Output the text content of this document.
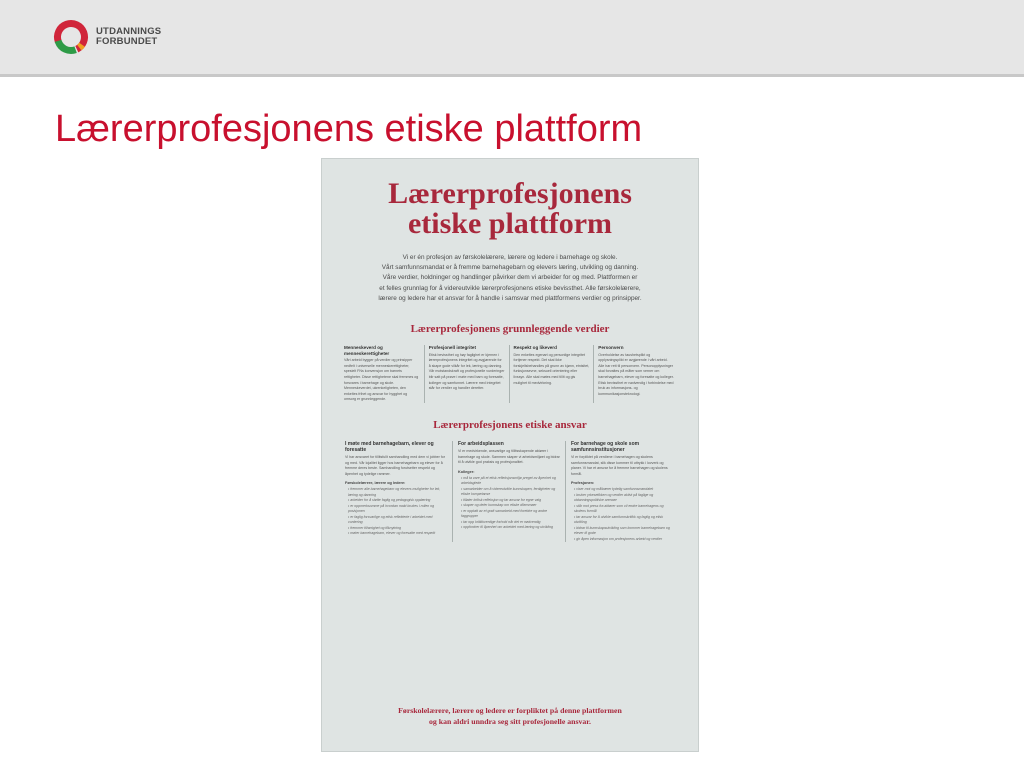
UTDANNINGS
FORBUNDET
Lærerprofesjonens etiske plattform
Lærerprofesjonens
etiske plattform
Vi er én profesjon av førskolelærere, lærere og ledere i barnehage og skole.
Vårt samfunnsmandat er å fremme barnehagebarn og elevers læring, utvikling og danning.
Våre verdier, holdninger og handlinger påvirker dem vi arbeider for og med. Plattformen er
et felles grunnlag for å videreutvikle lærerprofesjonens etiske bevissthet. Alle førskolelærere,
lærere og ledere har et ansvar for å handle i samsvar med plattformens verdier og prinsipper.
Lærerprofesjonens grunnleggende verdier
Menneskeverd og menneskerettigheter
Vårt arbeid bygger på verdier og prinsipper nedfelt i universelle menneskerettigheter, spesielt FNs konvensjon om barnets rettigheter. Disse rettighetene skal fremmes og forsvares i barnehage og skole. Menneskeverdet, ukrenkeligheten, den enkeltes frihet og ansvar for hygghet og omsorg er grunnleggende.
Profesjonell integritet
Etisk bevissthet og høy faglighet er kjernen i lærerprofesjonens integritet og avgjørende for å skape gode vilkår for lek, læring og danning. Vår motstandskraft og profesjonelle vurderinger blir satt på prøve i møte med barn og foresatte, kolleger og samfunnet. Lærere med integritet står for verdier og handler deretter.
Respekt og likeverd
Den enkeltes egenart og personlige integritet fortjener respekt. Det skal ikke forskjellsbehandles på grunn av kjønn, etnisitet, funksjonsevne, seksuell orientering eller livssyn. Alle skal møtes med tillit og gis mulighet til medvirkning.
Personvern
Overholdelse av taushetsplikt og opplysningsplikt er avgjørende i vårt arbeid. Alle har rett til personvern. Personopplysninger skal forvaltes på måter som verner om barnehagebarn, elever og foresatte og kolleger. Etisk bevissthet er nødvendig i forbindelse med bruk av informasjons- og kommunikasjonsteknologi.
Lærerprofesjonens etiske ansvar
I møte med barnehagebarn, elever og foresatte
Vi har ansvaret for tillitsfullt samhandling med dem vi jobber for og med. Vår lojalitet ligger hos barnehagebarn og elever for å fremme deres beste. Samhandling forutsetter respekt og åpenhet og tydelige rammer.
Førskolelærere, lærere og ledere:
• fremmer alle barnehagebarn og elevers muligheter for lek, læring og danning
• arbeider for å støtte faglig og pedagogisk opplæring
• er oppmerksomme på hvordan makt brukes i rollen og posisjonen
• er faglig forsvarlige og etisk reflekterte i arbeidet med vurdering
• fremmer tilhørighet og tilknytning
• møter barnehagebarn, elever og foresatte med respekt
For arbeidsplassen
Vi er medvirkende, ansvarlige og tillitsskapende aktører i barnehage og skole. Sammen skaper vi arbeidsmiljøet og bidrar til å utvikle god praksis og profesjonalitet.
Kolleger:
• må ta vare på et etisk refleksjonsmiljø preget av åpenhet og arbeidsglede
• samarbeider om å videreutvikle kunnskapen, ferdigheter og etiske kompetanse
• tillater kritisk refleksjon og tar ansvar for egne valg
• skaper og deler kunnskap om etiske dilemmaer
• er opptatt av et godt samarbeid med foreldre og andre faggrupper
• tar opp kritikkverdige forhold når det er nødvendig
• oppfordrer til åpenhet om arbeidet med læring og utvikling
For barnehage og skole som samfunnsinstitusjoner
Vi er forpliktet på verdiene i barnehagen og skolens samfunnsmandat, slik disse kommer til uttrykk i lovverk og planer. Vi har et ansvar for å fremme barnehagen og skolens formål.
Profesjonen:
• viser mot og målbærer tydelig samfunnsmandatet
• bruker yrkesetikken og verdier aktivt på faglige og utdanningspolitiske arenaer
• står mot press fra aktører som vil endre barnehagens og skolens formål
• tar ansvar for å utvikle samfunnskritikk og faglig og etisk utvikling
• bidrar til kunnskapsutvikling som kommer barnehagebarn og elever til gode
• gir åpen informasjon om profesjonens arbeid og verdier
Førskolelærere, lærere og ledere er forpliktet på denne plattformen
og kan aldri unndra seg sitt profesjonelle ansvar.
